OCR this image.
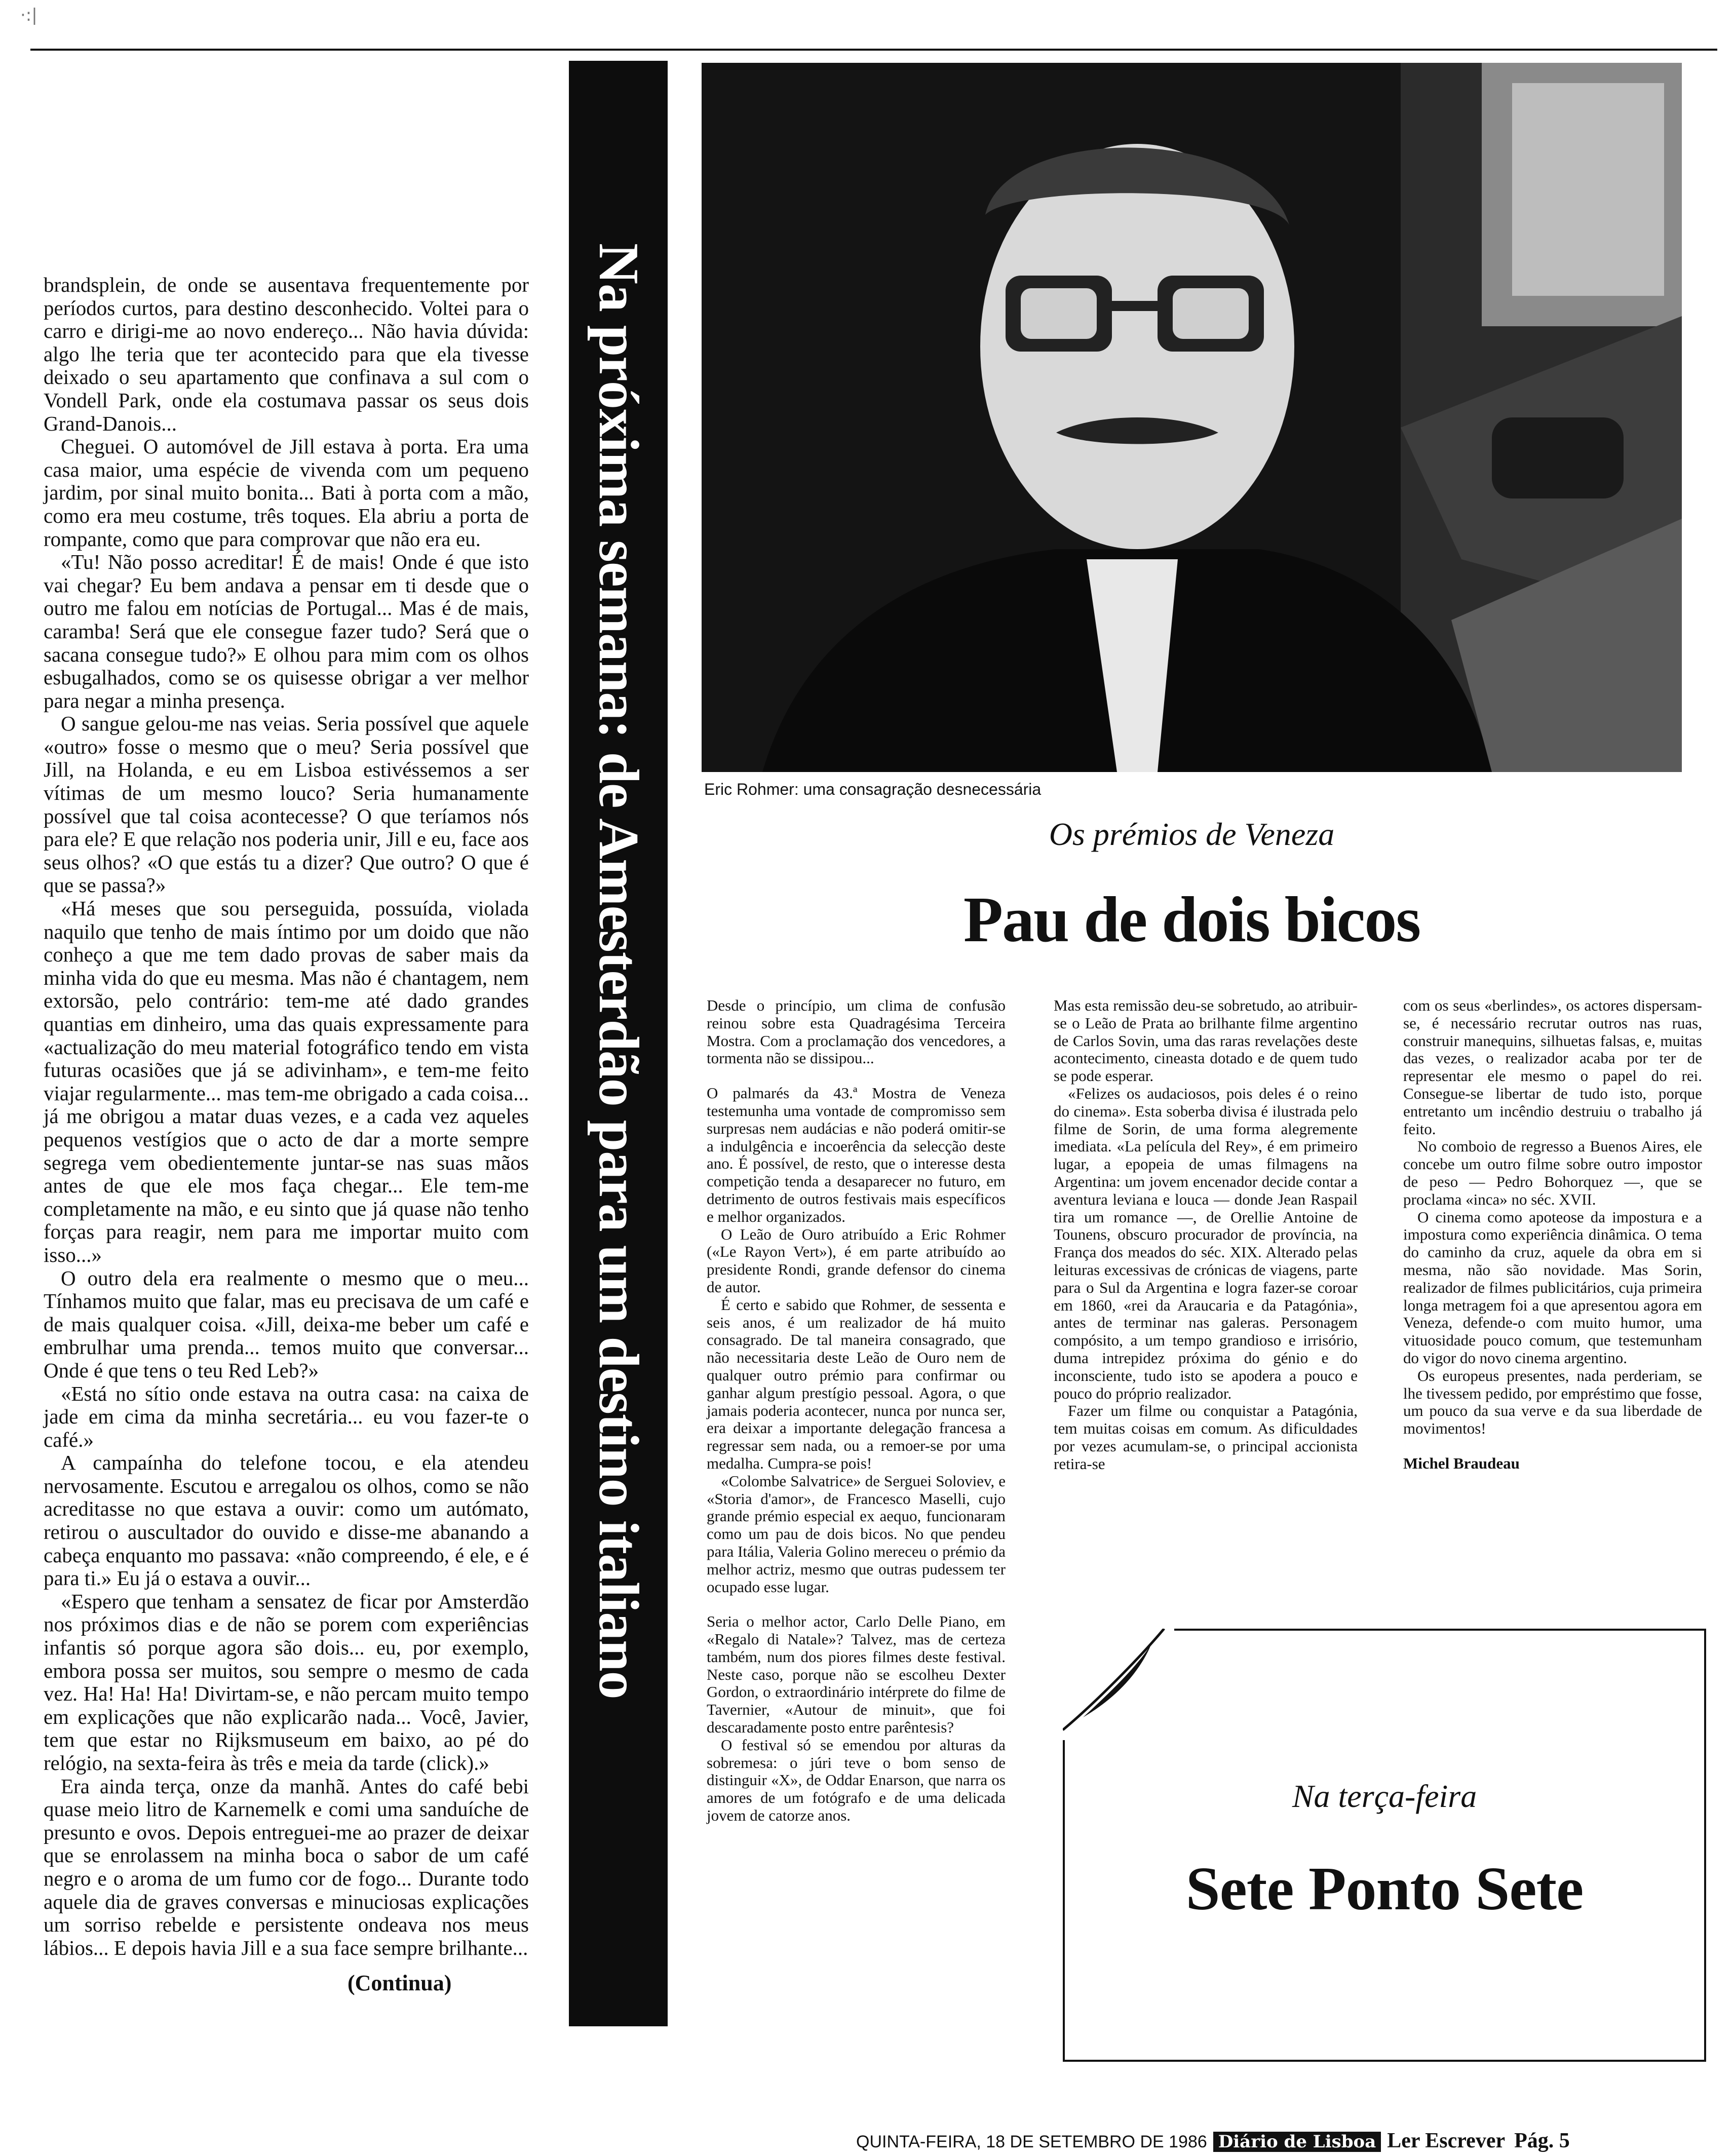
·:|

brandsplein, de onde se ausentava frequentemente por períodos curtos, para destino desconhecido. Voltei para o carro e dirigi-me ao novo endereço... Não havia dúvida: algo lhe teria que ter acontecido para que ela tivesse deixado o seu apartamento que confinava a sul com o Vondell Park, onde ela costumava passar os seus dois Grand-Danois...

Cheguei. O automóvel de Jill estava à porta. Era uma casa maior, uma espécie de vivenda com um pequeno jardim, por sinal muito bonita... Bati à porta com a mão, como era meu costume, três toques. Ela abriu a porta de rompante, como que para comprovar que não era eu.

«Tu! Não posso acreditar! É de mais! Onde é que isto vai chegar? Eu bem andava a pensar em ti desde que o outro me falou em notícias de Portugal... Mas é de mais, caramba! Será que ele consegue fazer tudo? Será que o sacana consegue tudo?» E olhou para mim com os olhos esbugalhados, como se os quisesse obrigar a ver melhor para negar a minha presença.

O sangue gelou-me nas veias. Seria possível que aquele «outro» fosse o mesmo que o meu? Seria possível que Jill, na Holanda, e eu em Lisboa estivéssemos a ser vítimas de um mesmo louco? Seria humanamente possível que tal coisa acontecesse? O que teríamos nós para ele? E que relação nos poderia unir, Jill e eu, face aos seus olhos? «O que estás tu a dizer? Que outro? O que é que se passa?»

«Há meses que sou perseguida, possuída, violada naquilo que tenho de mais íntimo por um doido que não conheço a que me tem dado provas de saber mais da minha vida do que eu mesma. Mas não é chantagem, nem extorsão, pelo contrário: tem-me até dado grandes quantias em dinheiro, uma das quais expressamente para «actualização do meu material fotográfico tendo em vista futuras ocasiões que já se adivinham», e tem-me feito viajar regularmente... mas tem-me obrigado a cada coisa... já me obrigou a matar duas vezes, e a cada vez aqueles pequenos vestígios que o acto de dar a morte sempre segrega vem obedientemente juntar-se nas suas mãos antes de que ele mos faça chegar... Ele tem-me completamente na mão, e eu sinto que já quase não tenho forças para reagir, nem para me importar muito com isso...»

O outro dela era realmente o mesmo que o meu... Tínhamos muito que falar, mas eu precisava de um café e de mais qualquer coisa. «Jill, deixa-me beber um café e embrulhar uma prenda... temos muito que conversar... Onde é que tens o teu Red Leb?»

«Está no sítio onde estava na outra casa: na caixa de jade em cima da minha secretária... eu vou fazer-te o café.»

A campaínha do telefone tocou, e ela atendeu nervosamente. Escutou e arregalou os olhos, como se não acreditasse no que estava a ouvir: como um autómato, retirou o auscultador do ouvido e disse-me abanando a cabeça enquanto mo passava: «não compreendo, é ele, e é para ti.» Eu já o estava a ouvir...

«Espero que tenham a sensatez de ficar por Amsterdão nos próximos dias e de não se porem com experiências infantis só porque agora são dois... eu, por exemplo, embora possa ser muitos, sou sempre o mesmo de cada vez. Ha! Ha! Ha! Divirtam-se, e não percam muito tempo em explicações que não explicarão nada... Você, Javier, tem que estar no Rijksmuseum em baixo, ao pé do relógio, na sexta-feira às três e meia da tarde (click).»

Era ainda terça, onze da manhã. Antes do café bebi quase meio litro de Karnemelk e comi uma sanduíche de presunto e ovos. Depois entreguei-me ao prazer de deixar que se enrolassem na minha boca o sabor de um café negro e o aroma de um fumo cor de fogo... Durante todo aquele dia de graves conversas e minuciosas explicações um sorriso rebelde e persistente ondeava nos meus lábios... E depois havia Jill e a sua face sempre brilhante...

(Continua)
Na próxima semana: de Amesterdão para um destino italiano	Eric Rohmer: uma consagração desnecessária
Os prémios de Veneza
Pau de dois bicos

Desde o princípio, um clima de confusão reinou sobre esta Quadragésima Terceira Mostra. Com a proclamação dos vencedores, a tormenta não se dissipou...

O palmarés da 43.ª Mostra de Veneza testemunha uma vontade de compromisso sem surpresas nem audácias e não poderá omitir-se a indulgência e incoerência da selecção deste ano. É possível, de resto, que o interesse desta competição tenda a desaparecer no futuro, em detrimento de outros festivais mais específicos e melhor organizados.

O Leão de Ouro atribuído a Eric Rohmer («Le Rayon Vert»), é em parte atribuído ao presidente Rondi, grande defensor do cinema de autor.

É certo e sabido que Rohmer, de sessenta e seis anos, é um realizador de há muito consagrado. De tal maneira consagrado, que não necessitaria deste Leão de Ouro nem de qualquer outro prémio para confirmar ou ganhar algum prestígio pessoal. Agora, o que jamais poderia acontecer, nunca por nunca ser, era deixar a importante delegação francesa a regressar sem nada, ou a remoer-se por uma medalha. Cumpra-se pois!

«Colombe Salvatrice» de Serguei Soloviev, e «Storia d'amor», de Francesco Maselli, cujo grande prémio especial ex aequo, funcionaram como um pau de dois bicos. No que pendeu para Itália, Valeria Golino mereceu o prémio da melhor actriz, mesmo que outras pudessem ter ocupado esse lugar.

Seria o melhor actor, Carlo Delle Piano, em «Regalo di Natale»? Talvez, mas de certeza também, num dos piores filmes deste festival. Neste caso, porque não se escolheu Dexter Gordon, o extraordinário intérprete do filme de Tavernier, «Autour de minuit», que foi descaradamente posto entre parêntesis?

O festival só se emendou por alturas da sobremesa: o júri teve o bom senso de distinguir «X», de Oddar Enarson, que narra os amores de um fotógrafo e de uma delicada jovem de catorze anos.

Mas esta remissão deu-se sobretudo, ao atribuir-se o Leão de Prata ao brilhante filme argentino de Carlos Sovin, uma das raras revelações deste acontecimento, cineasta dotado e de quem tudo se pode esperar.

«Felizes os audaciosos, pois deles é o reino do cinema». Esta soberba divisa é ilustrada pelo filme de Sorin, de uma forma alegremente imediata. «La película del Rey», é em primeiro lugar, a epopeia de umas filmagens na Argentina: um jovem encenador decide contar a aventura leviana e louca — donde Jean Raspail tira um romance —, de Orellie Antoine de Tounens, obscuro procurador de província, na França dos meados do séc. XIX. Alterado pelas leituras excessivas de crónicas de viagens, parte para o Sul da Argentina e logra fazer-se coroar em 1860, «rei da Araucaria e da Patagónia», antes de terminar nas galeras. Personagem compósito, a um tempo grandioso e irrisório, duma intrepidez próxima do génio e do inconsciente, tudo isto se apodera a pouco e pouco do próprio realizador.

Fazer um filme ou conquistar a Patagónia, tem muitas coisas em comum. As dificuldades por vezes acumulam-se, o principal accionista retira-se

com os seus «berlindes», os actores dispersam-se, é necessário recrutar outros nas ruas, construir manequins, silhuetas falsas, e, muitas das vezes, o realizador acaba por ter de representar ele mesmo o papel do rei. Consegue-se libertar de tudo isto, porque entretanto um incêndio destruiu o trabalho já feito.

No comboio de regresso a Buenos Aires, ele concebe um outro filme sobre outro impostor de peso — Pedro Bohorquez —, que se proclama «inca» no séc. XVII.

O cinema como apoteose da impostura e a impostura como experiência dinâmica. O tema do caminho da cruz, aquele da obra em si mesma, não são novidade. Mas Sorin, realizador de filmes publicitários, cuja primeira longa metragem foi a que apresentou agora em Veneza, defende-o com muito humor, uma vituosidade pouco comum, que testemunham do vigor do novo cinema argentino.

Os europeus presentes, nada perderiam, se lhe tivessem pedido, por empréstimo que fosse, um pouco da sua verve e da sua liberdade de movimentos!

Michel Braudeau

Na terça-feira
Sete Ponto Sete
QUINTA-FEIRA, 18 DE SETEMBRO DE 1986 Diário de Lisboa Ler Escrever Pág. 5
